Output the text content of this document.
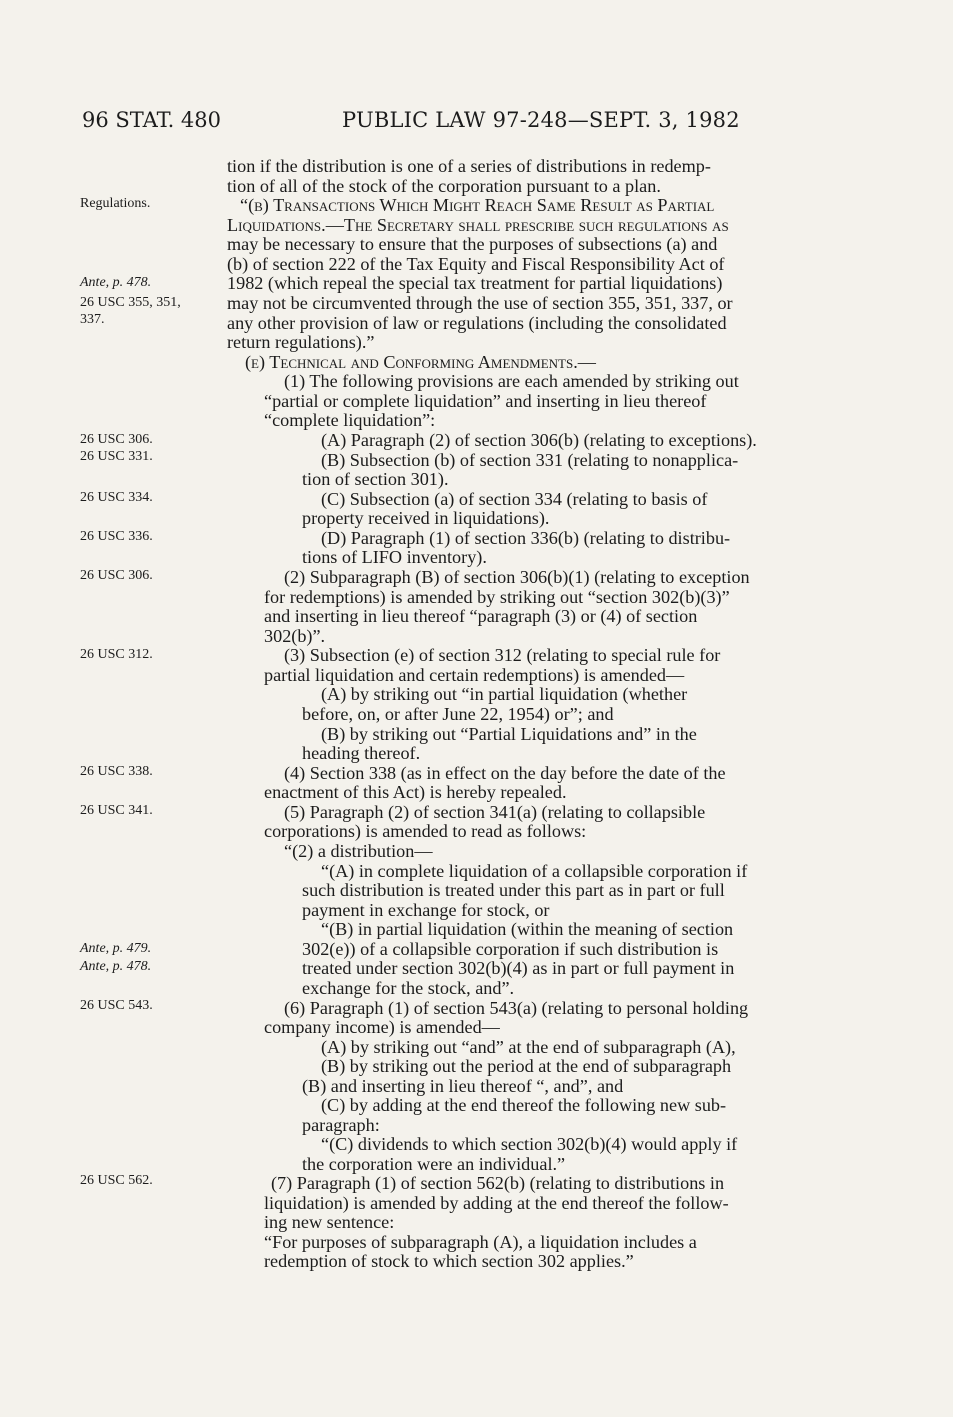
96 STAT. 480	PUBLIC LAW 97-248—SEPT. 3, 1982
Regulations.
Ante, p. 478.
26 USC 355, 351,
337.
26 USC 306.
26 USC 331.
26 USC 334.
26 USC 336.
26 USC 306.
26 USC 312.
26 USC 338.
26 USC 341.
Ante, p. 479.
Ante, p. 478.
26 USC 543.
26 USC 562.
tion if the distribution is one of a series of distributions in redemp-
tion of all of the stock of the corporation pursuant to a plan.
“(b) Transactions Which Might Reach Same Result as Partial
Liquidations.—The Secretary shall prescribe such regulations as
may be necessary to ensure that the purposes of subsections (a) and
(b) of section 222 of the Tax Equity and Fiscal Responsibility Act of
1982 (which repeal the special tax treatment for partial liquidations)
may not be circumvented through the use of section 355, 351, 337, or
any other provision of law or regulations (including the consolidated
return regulations).”
(e) Technical and Conforming Amendments.—
(1) The following provisions are each amended by striking out
“partial or complete liquidation” and inserting in lieu thereof
“complete liquidation”:
(A) Paragraph (2) of section 306(b) (relating to exceptions).
(B) Subsection (b) of section 331 (relating to nonapplica-
tion of section 301).
(C) Subsection (a) of section 334 (relating to basis of
property received in liquidations).
(D) Paragraph (1) of section 336(b) (relating to distribu-
tions of LIFO inventory).
(2) Subparagraph (B) of section 306(b)(1) (relating to exception
for redemptions) is amended by striking out “section 302(b)(3)”
and inserting in lieu thereof “paragraph (3) or (4) of section
302(b)”.
(3) Subsection (e) of section 312 (relating to special rule for
partial liquidation and certain redemptions) is amended—
(A) by striking out “in partial liquidation (whether
before, on, or after June 22, 1954) or”; and
(B) by striking out “Partial Liquidations and” in the
heading thereof.
(4) Section 338 (as in effect on the day before the date of the
enactment of this Act) is hereby repealed.
(5) Paragraph (2) of section 341(a) (relating to collapsible
corporations) is amended to read as follows:
“(2) a distribution—
“(A) in complete liquidation of a collapsible corporation if
such distribution is treated under this part as in part or full
payment in exchange for stock, or
“(B) in partial liquidation (within the meaning of section
302(e)) of a collapsible corporation if such distribution is
treated under section 302(b)(4) as in part or full payment in
exchange for the stock, and”.
(6) Paragraph (1) of section 543(a) (relating to personal holding
company income) is amended—
(A) by striking out “and” at the end of subparagraph (A),
(B) by striking out the period at the end of subparagraph
(B) and inserting in lieu thereof “, and”, and
(C) by adding at the end thereof the following new sub-
paragraph:
“(C) dividends to which section 302(b)(4) would apply if
the corporation were an individual.”
(7) Paragraph (1) of section 562(b) (relating to distributions in
liquidation) is amended by adding at the end thereof the follow-
ing new sentence:
“For purposes of subparagraph (A), a liquidation includes a
redemption of stock to which section 302 applies.”
